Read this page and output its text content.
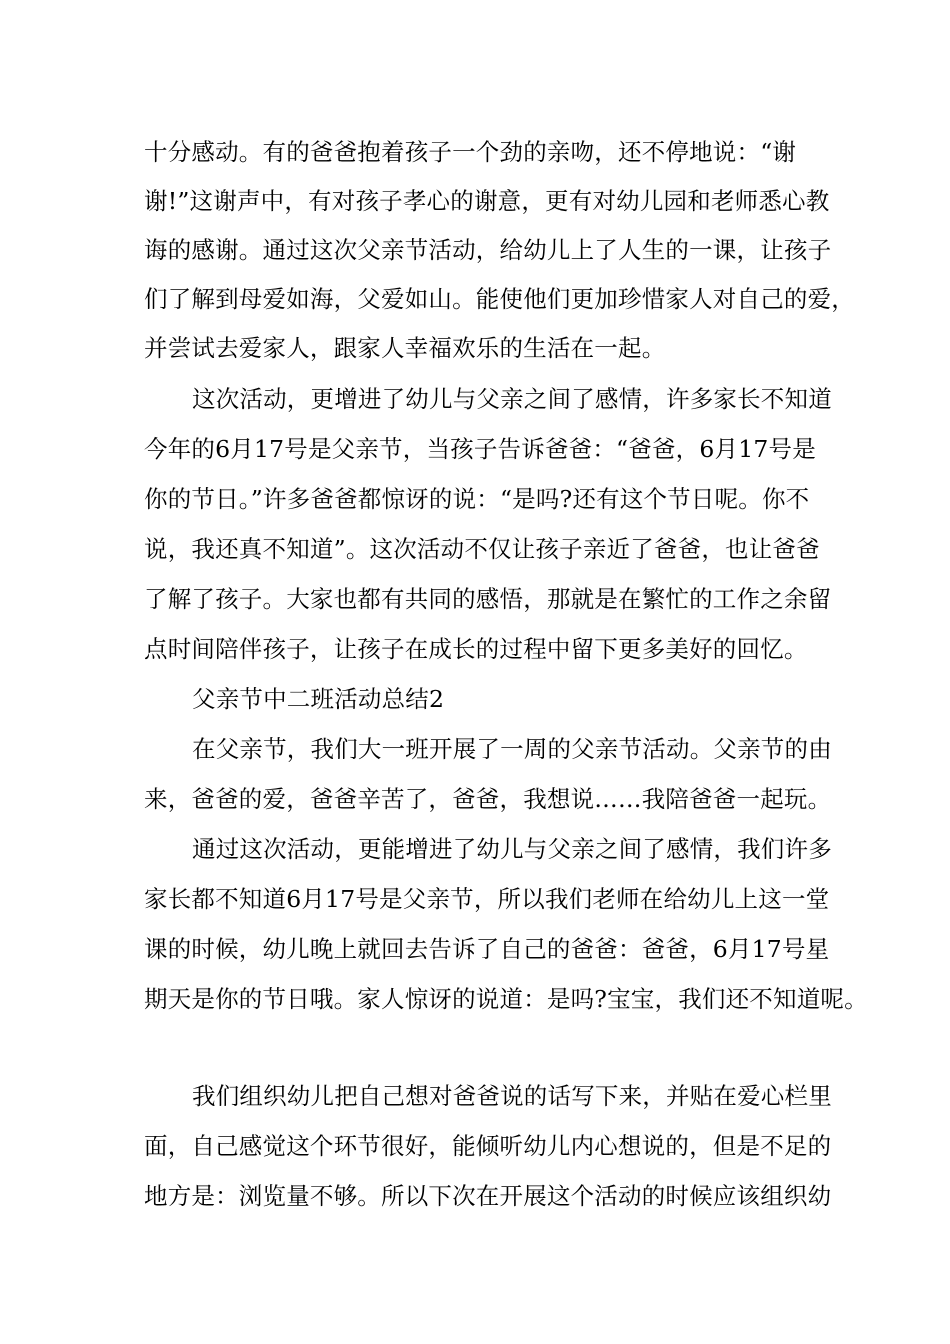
十分感动。有的爸爸抱着孩子一个劲的亲吻，还不停地说：“谢
谢!”这谢声中，有对孩子孝心的谢意，更有对幼儿园和老师悉心教
诲的感谢。通过这次父亲节活动，给幼儿上了人生的一课，让孩子
们了解到母爱如海，父爱如山。能使他们更加珍惜家人对自己的爱，
并尝试去爱家人，跟家人幸福欢乐的生活在一起。
这次活动，更增进了幼儿与父亲之间了感情，许多家长不知道
今年的6月17号是父亲节，当孩子告诉爸爸：“爸爸，6月17号是
你的节日。”许多爸爸都惊讶的说：“是吗?还有这个节日呢。你不
说，我还真不知道”。这次活动不仅让孩子亲近了爸爸，也让爸爸
了解了孩子。大家也都有共同的感悟，那就是在繁忙的工作之余留
点时间陪伴孩子，让孩子在成长的过程中留下更多美好的回忆。
父亲节中二班活动总结2
在父亲节，我们大一班开展了一周的父亲节活动。父亲节的由
来，爸爸的爱，爸爸辛苦了，爸爸，我想说……我陪爸爸一起玩。
通过这次活动，更能增进了幼儿与父亲之间了感情，我们许多
家长都不知道6月17号是父亲节，所以我们老师在给幼儿上这一堂
课的时候，幼儿晚上就回去告诉了自己的爸爸：爸爸，6月17号星
期天是你的节日哦。家人惊讶的说道：是吗?宝宝，我们还不知道呢。
我们组织幼儿把自己想对爸爸说的话写下来，并贴在爱心栏里
面，自己感觉这个环节很好，能倾听幼儿内心想说的，但是不足的
地方是：浏览量不够。所以下次在开展这个活动的时候应该组织幼
